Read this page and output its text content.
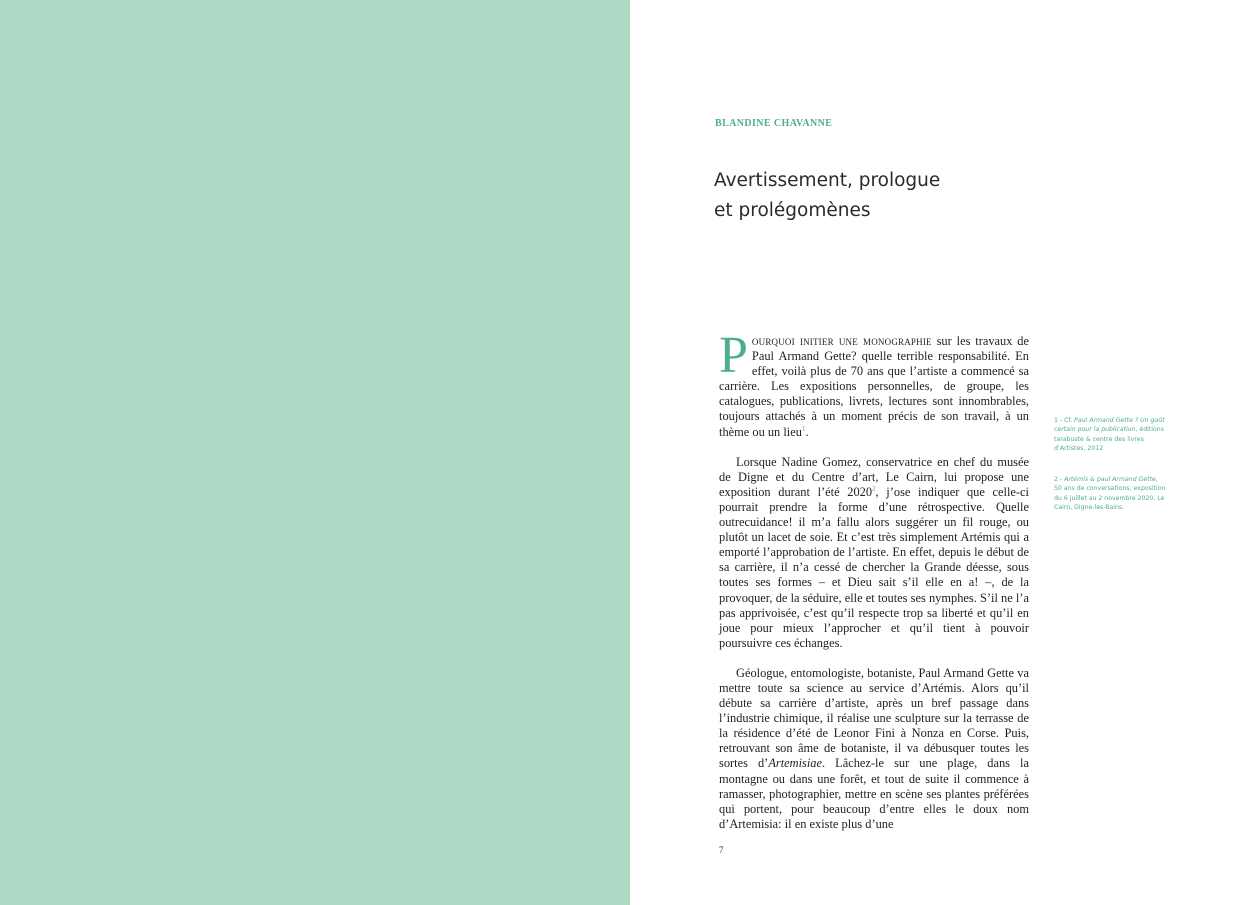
BLANDINE CHAVANNE
Avertissement, prologue
et prolégomènes

Pourquoi initier une monographie sur les travaux de Paul Armand Gette? quelle terrible responsabilité. En effet, voilà plus de 70 ans que l’artiste a commencé sa carrière. Les expositions personnelles, de groupe, les catalogues, publications, livrets, lectures sont innombrables, toujours attachés à un moment précis de son travail, à un thème ou un lieu$^1$.

Lorsque Nadine Gomez, conservatrice en chef du musée de Digne et du Centre d’art, Le Cairn, lui propose une exposition durant l’été 2020$^2$, j’ose indiquer que celle-ci pourrait prendre la forme d’une rétrospective. Quelle outrecuidance! il m’a fallu alors suggérer un fil rouge, ou plutôt un lacet de soie. Et c’est très simplement Artémis qui a emporté l’approbation de l’artiste. En effet, depuis le début de sa carrière, il n’a cessé de chercher la Grande déesse, sous toutes ses formes – et Dieu sait s’il elle en a! –, de la provoquer, de la séduire, elle et toutes ses nymphes. S’il ne l’a pas apprivoisée, c’est qu’il respecte trop sa liberté et qu’il en joue pour mieux l’approcher et qu’il tient à pouvoir poursuivre ces échanges.

Géologue, entomologiste, botaniste, Paul Armand Gette va mettre toute sa science au service d’Artémis. Alors qu’il débute sa carrière d’artiste, après un bref passage dans l’industrie chimique, il réalise une sculpture sur la terrasse de la résidence d’été de Leonor Fini à Nonza en Corse. Puis, retrouvant son âme de botaniste, il va débusquer toutes les sortes d’Artemisiae. Lâchez-le sur une plage, dans la montagne ou dans une forêt, et tout de suite il commence à ramasser, photographier, mettre en scène ses plantes préférées qui portent, pour beaucoup d’entre elles le doux nom d’Artemisia: il en existe plus d’une

1 - Cf. Paul Armand Gette ? Un goût certain pour la publication, éditions tarabuste & centre des livres d’Artistes, 2012
2 - Artémis & paul Armand Gette, 50 ans de conversations, exposition du 6 juillet au 2 novembre 2020, Le Cairn, Digne-les-Bains.
7
